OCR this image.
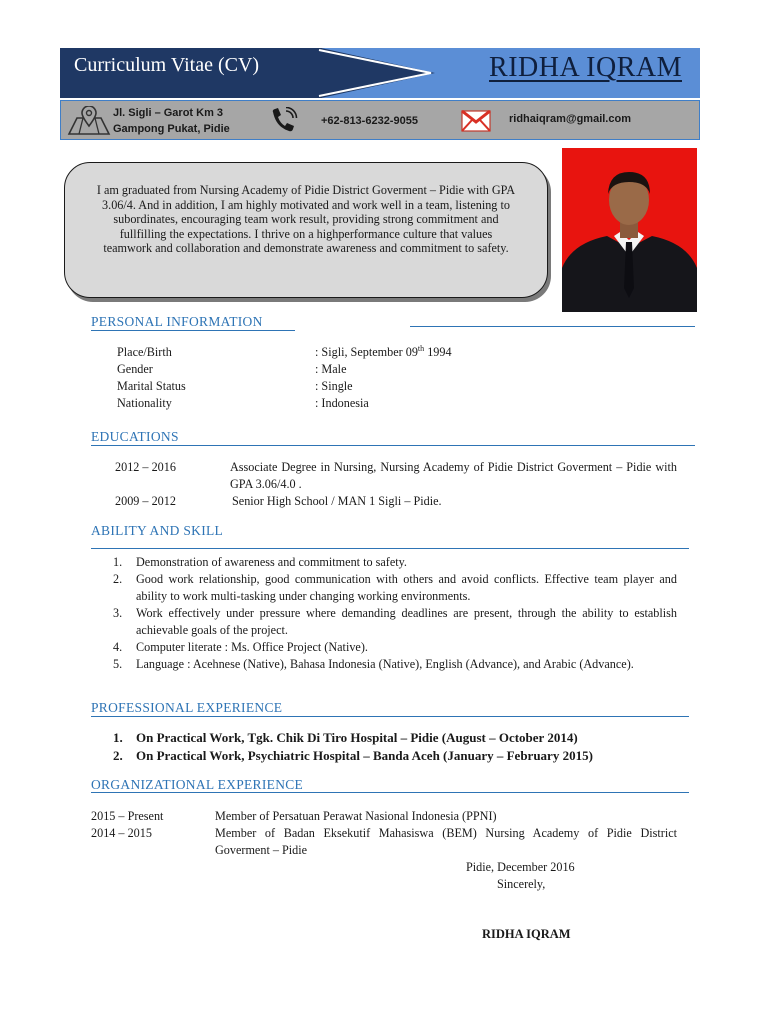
Curriculum Vitae (CV)	RIDHA IQRAM
Jl. Sigli – Garot Km 3
Gampong Pukat, Pidie
+62-813-6232-9055	ridhaiqram@gmail.com
I am graduated from Nursing Academy of Pidie District Goverment – Pidie with GPA 3.06/4. And in addition, I am highly motivated and work well in a team, listening to subordinates, encouraging team work result, providing strong commitment and fullfilling the expectations. I thrive on a highperformance culture that values teamwork and collaboration and demonstrate awareness and commitment to safety.
PERSONAL INFORMATION
Place/Birth	: Sigli, September 09th 1994
Gender	: Male
Marital Status	: Single
Nationality	: Indonesia
EDUCATIONS
2012 – 2016	Associate Degree in Nursing, Nursing Academy of Pidie District Goverment – Pidie with GPA 3.06/4.0 .
2009 – 2012	Senior High School / MAN 1 Sigli – Pidie.
ABILITY AND SKILL
1. Demonstration of awareness and commitment to safety.
2. Good work relationship, good communication with others and avoid conflicts. Effective team player and ability to work multi-tasking under changing working environments.
3. Work effectively under pressure where demanding deadlines are present, through the ability to establish achievable goals of the project.
4. Computer literate : Ms. Office Project (Native).
5. Language : Acehnese (Native), Bahasa Indonesia (Native), English (Advance), and Arabic (Advance).
PROFESSIONAL EXPERIENCE
1. On Practical Work, Tgk. Chik Di Tiro Hospital – Pidie (August – October 2014)
2. On Practical Work, Psychiatric Hospital – Banda Aceh (January – February 2015)
ORGANIZATIONAL EXPERIENCE
2015 – Present	Member of Persatuan Perawat Nasional Indonesia (PPNI)
2014 – 2015	Member of Badan Eksekutif Mahasiswa (BEM) Nursing Academy of Pidie District Goverment – Pidie
Pidie, December 2016
Sincerely,
RIDHA IQRAM
